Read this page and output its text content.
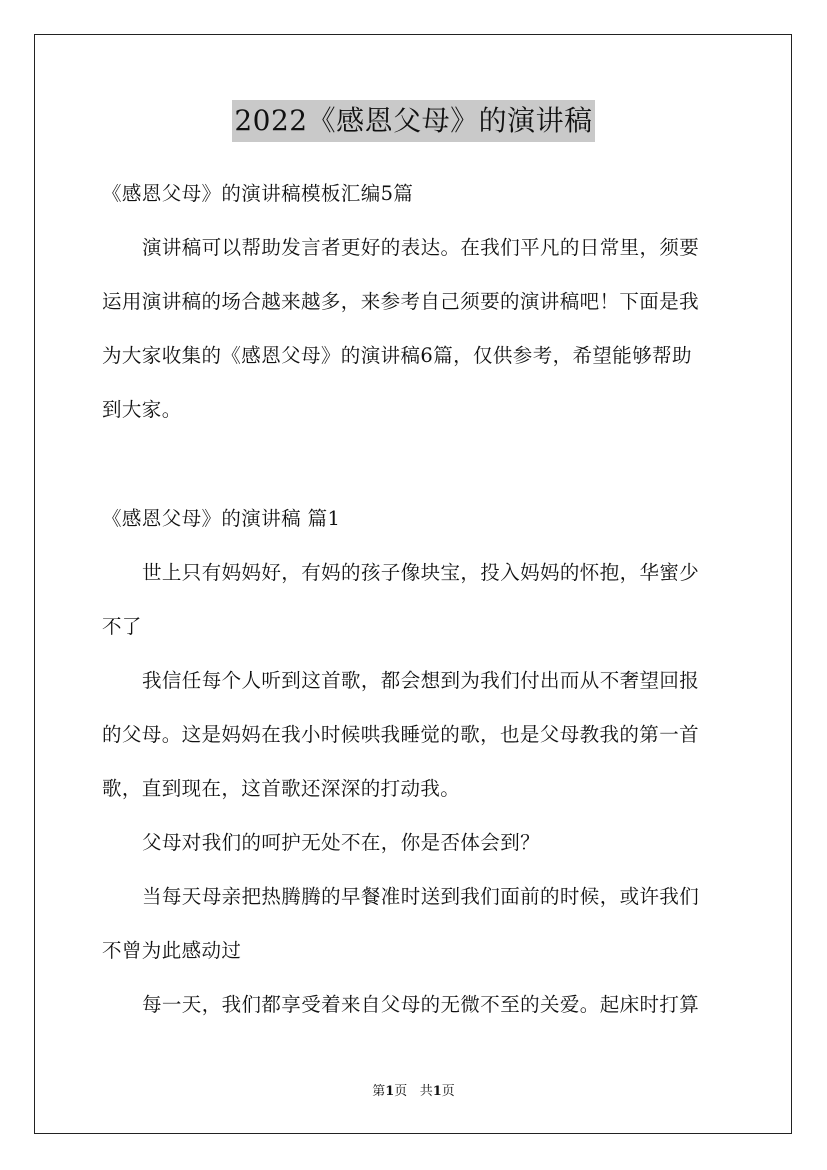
2022《感恩父母》的演讲稿
《感恩父母》的演讲稿模板汇编5篇
演讲稿可以帮助发言者更好的表达。在我们平凡的日常里，须要
运用演讲稿的场合越来越多，来参考自己须要的演讲稿吧！下面是我
为大家收集的《感恩父母》的演讲稿6篇，仅供参考，希望能够帮助
到大家。
《感恩父母》的演讲稿 篇1
世上只有妈妈好，有妈的孩子像块宝，投入妈妈的怀抱，华蜜少
不了
我信任每个人听到这首歌，都会想到为我们付出而从不奢望回报
的父母。这是妈妈在我小时候哄我睡觉的歌，也是父母教我的第一首
歌，直到现在，这首歌还深深的打动我。
父母对我们的呵护无处不在，你是否体会到？
当每天母亲把热腾腾的早餐准时送到我们面前的时候，或许我们
不曾为此感动过
每一天，我们都享受着来自父母的无微不至的关爱。起床时打算
第1页 共1页
